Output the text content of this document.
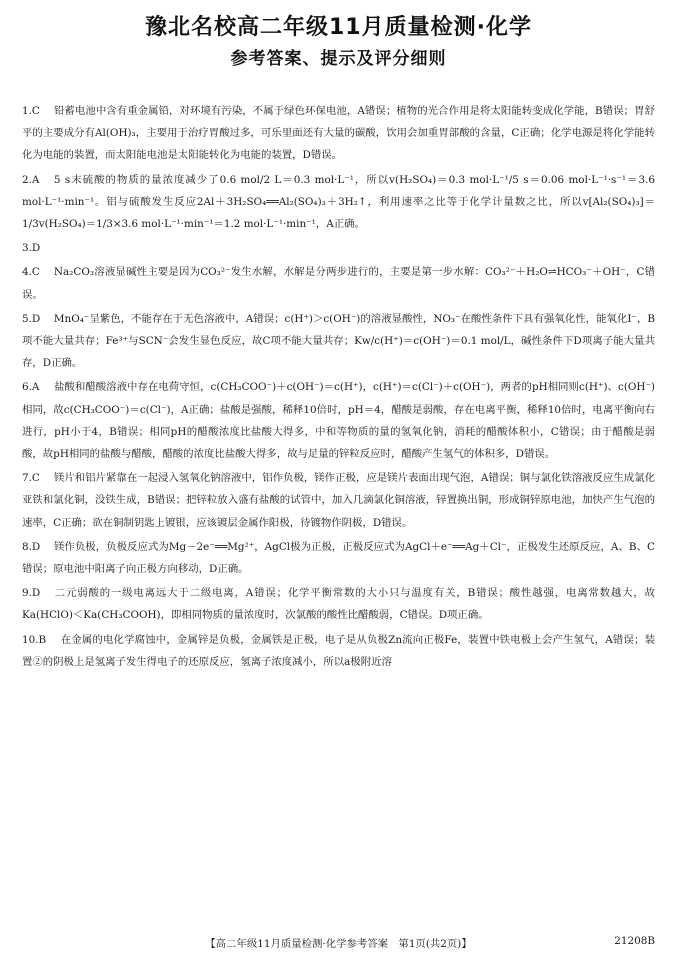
豫北名校高二年级11月质量检测·化学
参考答案、提示及评分细则
1.C 铅蓄电池中含有重金属铅，对环境有污染，不属于绿色环保电池，A错误；植物的光合作用是将太阳能转变成化学能，B错误；胃舒平的主要成分有Al(OH)₃，主要用于治疗胃酸过多，可乐里面还有大量的碳酸，饮用会加重胃部酸的含量，C正确；化学电源是将化学能转化为电能的装置，而太阳能电池是太阳能转化为电能的装置，D错误。
2.A 5 s末硫酸的物质的量浓度减少了0.6 mol/2 L＝0.3 mol·L⁻¹，所以v(H₂SO₄)＝0.3 mol·L⁻¹/5 s＝0.06 mol·L⁻¹·s⁻¹＝3.6 mol·L⁻¹·min⁻¹。铝与硫酸发生反应2Al＋3H₂SO₄══Al₂(SO₄)₃＋3H₂↑，利用速率之比等于化学计量数之比，所以v[Al₂(SO₄)₃]＝1/3v(H₂SO₄)＝1/3×3.6 mol·L⁻¹·min⁻¹＝1.2 mol·L⁻¹·min⁻¹，A正确。
3.D
4.C Na₂CO₃溶液显碱性主要是因为CO₃²⁻发生水解，水解是分两步进行的，主要是第一步水解：CO₃²⁻＋H₂O⇌HCO₃⁻＋OH⁻，C错误。
5.D MnO₄⁻呈紫色，不能存在于无色溶液中，A错误；c(H⁺)＞c(OH⁻)的溶液显酸性，NO₃⁻在酸性条件下具有强氧化性，能氧化I⁻，B项不能大量共存；Fe³⁺与SCN⁻会发生显色反应，故C项不能大量共存；Kw/c(H⁺)＝c(OH⁻)＝0.1 mol/L，碱性条件下D项离子能大量共存，D正确。
6.A 盐酸和醋酸溶液中存在电荷守恒，c(CH₃COO⁻)＋c(OH⁻)＝c(H⁺)，c(H⁺)＝c(Cl⁻)＋c(OH⁻)，两者的pH相同则c(H⁺)、c(OH⁻)相同，故c(CH₃COO⁻)＝c(Cl⁻)，A正确；盐酸是强酸，稀释10倍时，pH＝4，醋酸是弱酸，存在电离平衡，稀释10倍时，电离平衡向右进行，pH小于4，B错误；相同pH的醋酸浓度比盐酸大得多，中和等物质的量的氢氧化钠，消耗的醋酸体积小，C错误；由于醋酸是弱酸，故pH相同的盐酸与醋酸，醋酸的浓度比盐酸大得多，故与足量的锌粒反应时，醋酸产生氢气的体积多，D错误。
7.C 镁片和铝片紧靠在一起浸入氢氧化钠溶液中，铝作负极，镁作正极，应是镁片表面出现气泡，A错误；铜与氯化铁溶液反应生成氯化亚铁和氯化铜，没铁生成，B错误；把锌粒放入盛有盐酸的试管中，加入几滴氯化铜溶液，锌置换出铜，形成铜锌原电池，加快产生气泡的速率，C正确；欲在铜制钥匙上镀银，应该镀层金属作阳极，待镀物作阴极，D错误。
8.D 镁作负极，负极反应式为Mg－2e⁻══Mg²⁺，AgCl极为正极，正极反应式为AgCl＋e⁻══Ag＋Cl⁻，正极发生还原反应，A、B、C错误；原电池中阳离子向正极方向移动，D正确。
9.D 二元弱酸的一级电离远大于二级电离，A错误；化学平衡常数的大小只与温度有关，B错误；酸性越强，电离常数越大，故Ka(HClO)＜Ka(CH₃COOH)，即相同物质的量浓度时，次氯酸的酸性比醋酸弱，C错误。D项正确。
10.B 在金属的电化学腐蚀中，金属锌是负极，金属铁是正极，电子是从负极Zn流向正极Fe，装置中铁电极上会产生氢气，A错误；装置②的阴极上是氢离子发生得电子的还原反应，氢离子浓度减小，所以a极附近溶
【高二年级11月质量检测·化学参考答案　第1页(共2页)】	21208B
